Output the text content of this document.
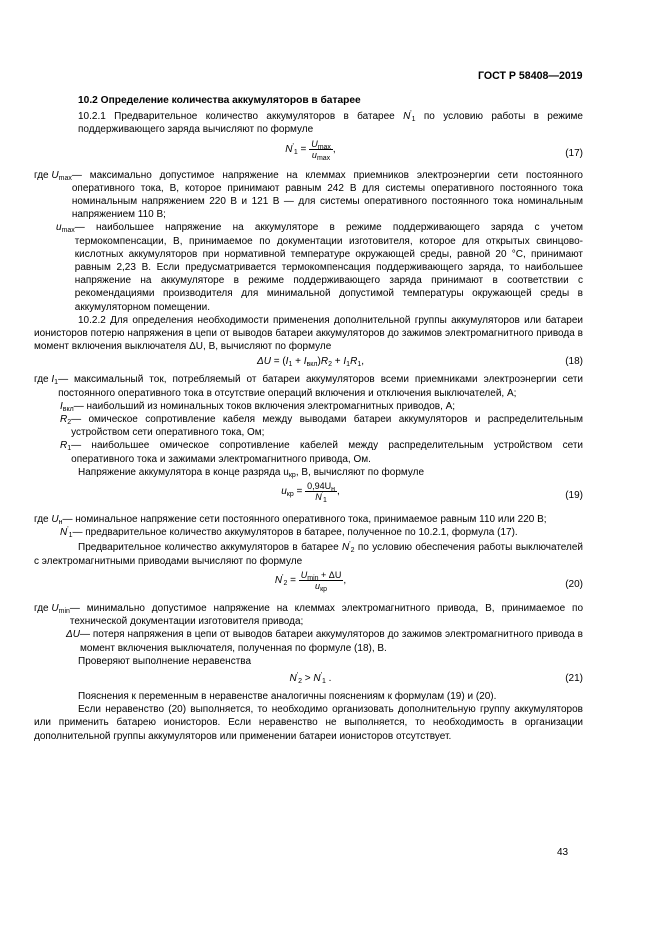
ГОСТ Р 58408—2019
10.2 Определение количества аккумуляторов в батарее

10.2.1 Предварительное количество аккумуляторов в батарее $N'_1$ по условию работы в режиме поддерживающего заряда вычисляют по формуле

$N'_1 = \frac{U_{max}}{u_{max}}$ ,	(17)
где $U_{max}$ — максимально допустимое напряжение на клеммах приемников электроэнергии сети постоянного оперативного тока, В, которое принимают равным 242 В для системы оперативного постоянного тока номинальным напряжением 220 В и 121 В — для системы оперативного постоянного тока номинальным напряжением 110 В;
$u_{max}$ — наибольшее напряжение на аккумуляторе в режиме поддерживающего заряда с учетом термокомпенсации, В, принимаемое по документации изготовителя, которое для открытых свинцово-кислотных аккумуляторов при нормативной температуре окружающей среды, равной 20 °С, принимают равным 2,23 В. Если предусматривается термокомпенсация поддерживающего заряда, то наибольшее напряжение на аккумуляторе в режиме поддерживающего заряда принимают в соответствии с рекомендациями производителя для минимальной допустимой температуры окружающей среды в аккумуляторном помещении.

10.2.2 Для определения необходимости применения дополнительной группы аккумуляторов или батареи ионисторов потерю напряжения в цепи от выводов батареи аккумуляторов до зажимов электромагнитного привода в момент включения выключателя ΔU, В, вычисляют по формуле

$\Delta U = (I_1 + I_{вкл})R_2 + I_1R_1$,	(18)
где $I_1$ — максимальный ток, потребляемый от батареи аккумуляторов всеми приемниками электроэнергии сети постоянного оперативного тока в отсутствие операций включения и отключения выключателей, А;
$I_{вкл}$ — наибольший из номинальных токов включения электромагнитных приводов, А;
$R_2$ — омическое сопротивление кабеля между выводами батареи аккумуляторов и распределительным устройством сети оперативного тока, Ом;
$R_1$ — наибольшее омическое сопротивление кабелей между распределительным устройством сети оперативного тока и зажимами электромагнитного привода, Ом.

Напряжение аккумулятора в конце разряда $u_{кр}$, В, вычисляют по формуле

$u_{кр} = \frac{0,94U_н}{N'_1}$ ,	(19)
где $U_н$ — номинальное напряжение сети постоянного оперативного тока, принимаемое равным 110 или 220 В;
$N'_1$ — предварительное количество аккумуляторов в батарее, полученное по 10.2.1, формула (17).

Предварительное количество аккумуляторов в батарее $N'_2$ по условию обеспечения работы выключателей с электромагнитными приводами вычисляют по формуле

$N'_2 = \frac{U_{min} + \Delta U}{u_{кр}}$ ,	(20)
где $U_{min}$ — минимально допустимое напряжение на клеммах электромагнитного привода, В, принимаемое по технической документации изготовителя привода;
ΔU — потеря напряжения в цепи от выводов батареи аккумуляторов до зажимов электромагнитного привода в момент включения выключателя, полученная по формуле (18), В.

Проверяют выполнение неравенства

$N'_2 > N'_1$ .	(21)

Пояснения к переменным в неравенстве аналогичны пояснениям к формулам (19) и (20).

Если неравенство (20) выполняется, то необходимо организовать дополнительную группу аккумуляторов или применить батарею ионисторов. Если неравенство не выполняется, то необходимость в организации дополнительной группы аккумуляторов или применении батареи ионисторов отсутствует.

43
